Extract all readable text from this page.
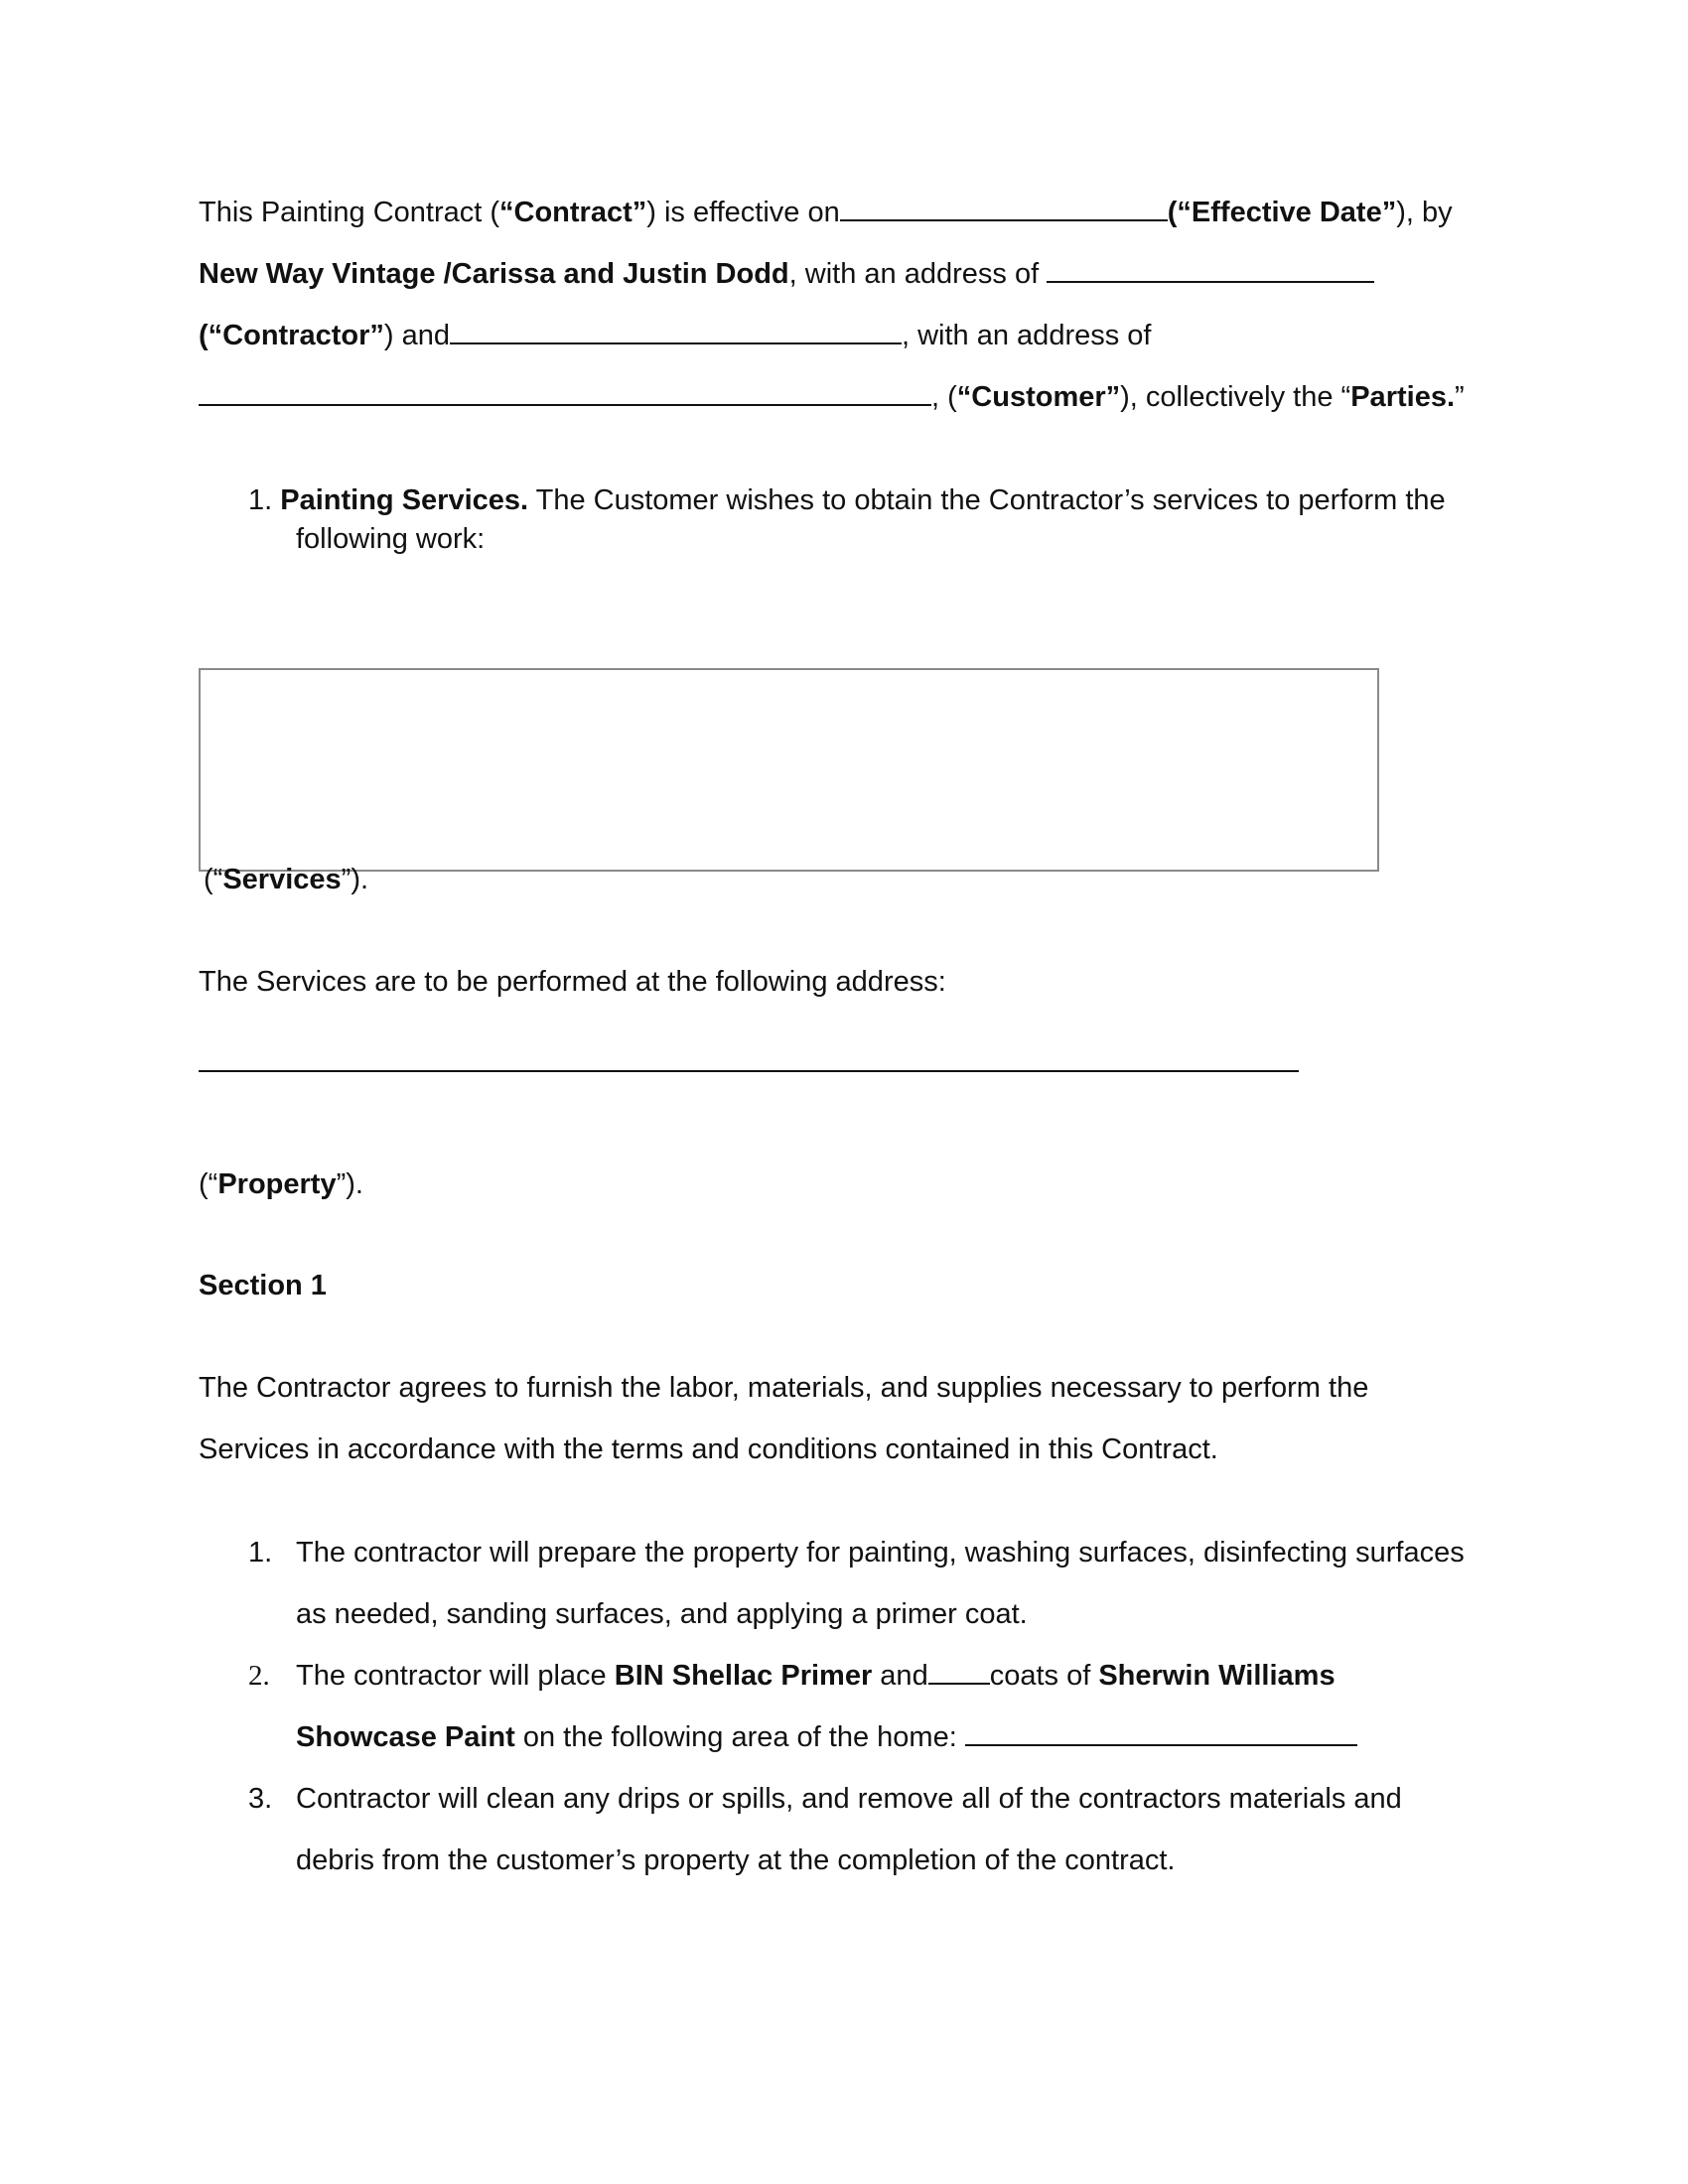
This Painting Contract (“Contract”) is effective on	(“Effective Date”), by
New Way Vintage /Carissa and Justin Dodd, with an address of
(“Contractor”) and	, with an address of
, (“Customer”), collectively the “Parties.”
1. Painting Services. The Customer wishes to obtain the Contractor’s services to perform the
following work:
(“Services”).
The Services are to be performed at the following address:
(“Property”).
Section 1
The Contractor agrees to furnish the labor, materials, and supplies necessary to perform the
Services in accordance with the terms and conditions contained in this Contract.
1. The contractor will prepare the property for painting, washing surfaces, disinfecting surfaces
as needed, sanding surfaces, and applying a primer coat.
2. The contractor will place BIN Shellac Primer and coats of Sherwin Williams
Showcase Paint on the following area of the home:
3. Contractor will clean any drips or spills, and remove all of the contractors materials and
debris from the customer’s property at the completion of the contract.
